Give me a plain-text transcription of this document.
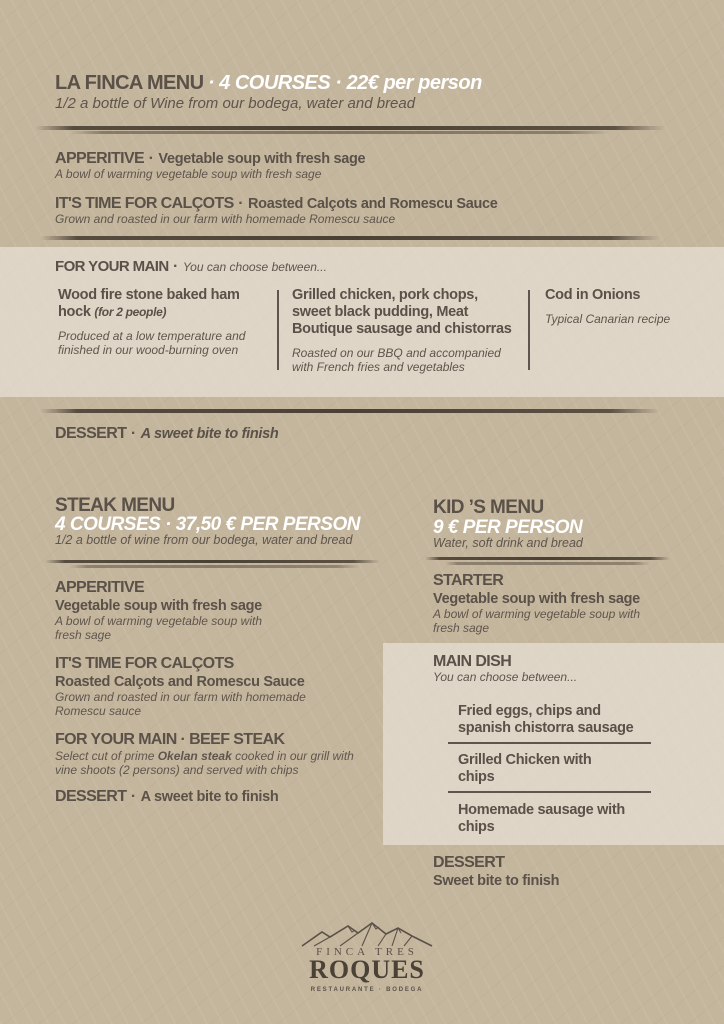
LA FINCA MENU · 4 COURSES · 22€ per person
1/2 a bottle of Wine from our bodega, water and bread
APPERITIVE · Vegetable soup with fresh sage
A bowl of warming vegetable soup with fresh sage
IT'S TIME FOR CALÇOTS · Roasted Calçots and Romescu Sauce
Grown and roasted in our farm with homemade Romescu sauce
FOR YOUR MAIN · You can choose between...
Wood fire stone baked ham hock (for 2 people)
Produced at a low temperature and finished in our wood-burning oven
Grilled chicken, pork chops, sweet black pudding, Meat Boutique sausage and chistorras
Roasted on our BBQ and accompanied with French fries and vegetables
Cod in Onions
Typical Canarian recipe
DESSERT · A sweet bite to finish
STEAK MENU
4 COURSES · 37,50 € PER PERSON
1/2 a bottle of wine from our bodega, water and bread
APPERITIVE
Vegetable soup with fresh sage
A bowl of warming vegetable soup with fresh sage
IT'S TIME FOR CALÇOTS
Roasted Calçots and Romescu Sauce
Grown and roasted in our farm with homemade Romescu sauce
FOR YOUR MAIN · BEEF STEAK
Select cut of prime Okelan steak cooked in our grill with vine shoots (2 persons) and served with chips
DESSERT · A sweet bite to finish
KID ’S MENU
9 € PER PERSON
Water, soft drink and bread
STARTER
Vegetable soup with fresh sage
A bowl of warming vegetable soup with fresh sage
MAIN DISH
You can choose between...
Fried eggs, chips and spanish chistorra sausage
Grilled Chicken with chips
Homemade sausage with chips
DESSERT
Sweet bite to finish
FINCA TRES
ROQUES
RESTAURANTE · BODEGA
